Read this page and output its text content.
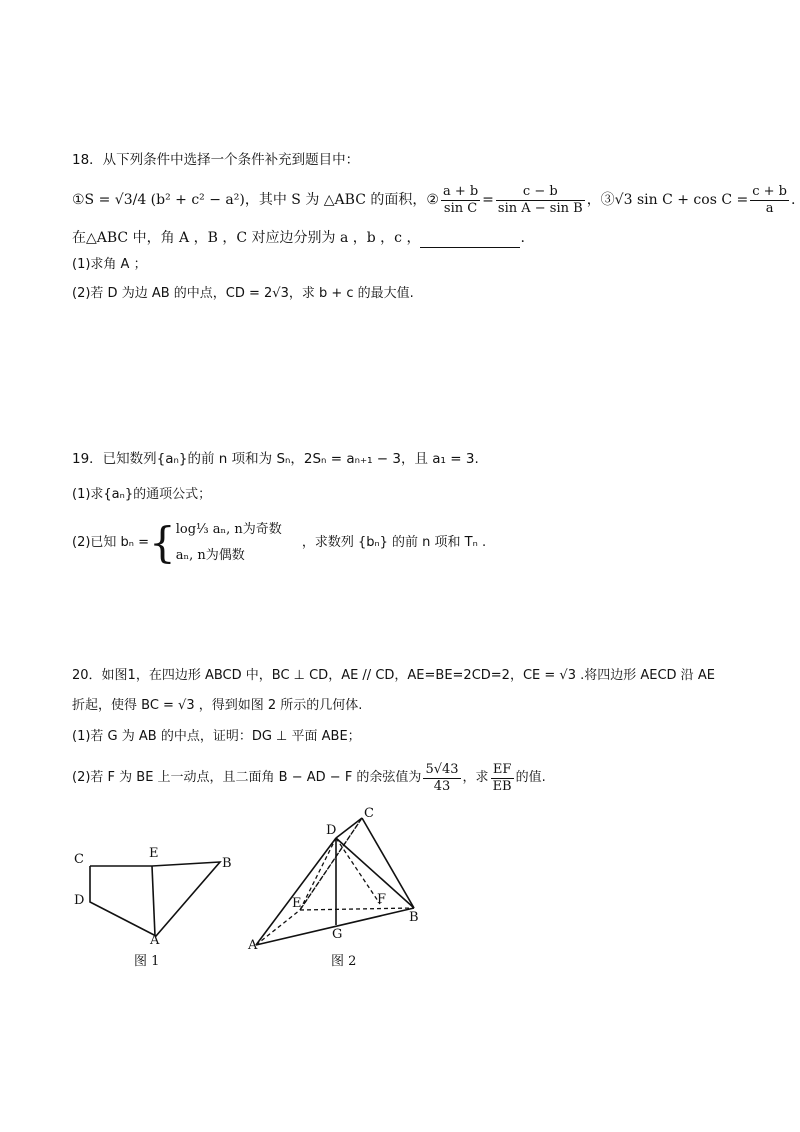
18．从下列条件中选择一个条件补充到题目中：
①S = √3/4 (b² + c² − a²)，其中 S 为 △ABC 的面积， ② $\frac{a + b}{\text{sin C}} = \frac{c - b}{\text{sin A − sin B}}$ ，③√3 $\sin C + \cos C = \frac{c + b}{a}$ .
在△ABC 中，角 A ，B ，C 对应边分别为 a ，b ，c ，	.
(1)求角 A ；
(2)若 D 为边 AB 的中点，CD = 2√3，求 b + c 的最大值.
19．已知数列{aₙ}的前 n 项和为 Sₙ，2Sₙ = aₙ₊₁ − 3，且 a₁ = 3.
(1)求{aₙ}的通项公式；
(2)已知 bₙ = { log⅓ aₙ, n为奇数
aₙ, n为偶数
，求数列 {bₙ} 的前 n 项和 Tₙ .
20．如图1，在四边形 ABCD 中，BC ⊥ CD，AE // CD，AE=BE=2CD=2，CE = √3 .将四边形 AECD 沿 AE
折起，使得 BC = √3 ，得到如图 2 所示的几何体.
(1)若 G 为 AB 的中点，证明：DG ⊥ 平面 ABE；
(2)若 F 为 BE 上一动点，且二面角 B − AD − F 的余弦值为 $\frac{5√43}{43}$ ，求 $\frac{EF}{EB}$ 的值.
C	E
B
D
A
图 1
D
C
E	F
B
G
A
图 2
